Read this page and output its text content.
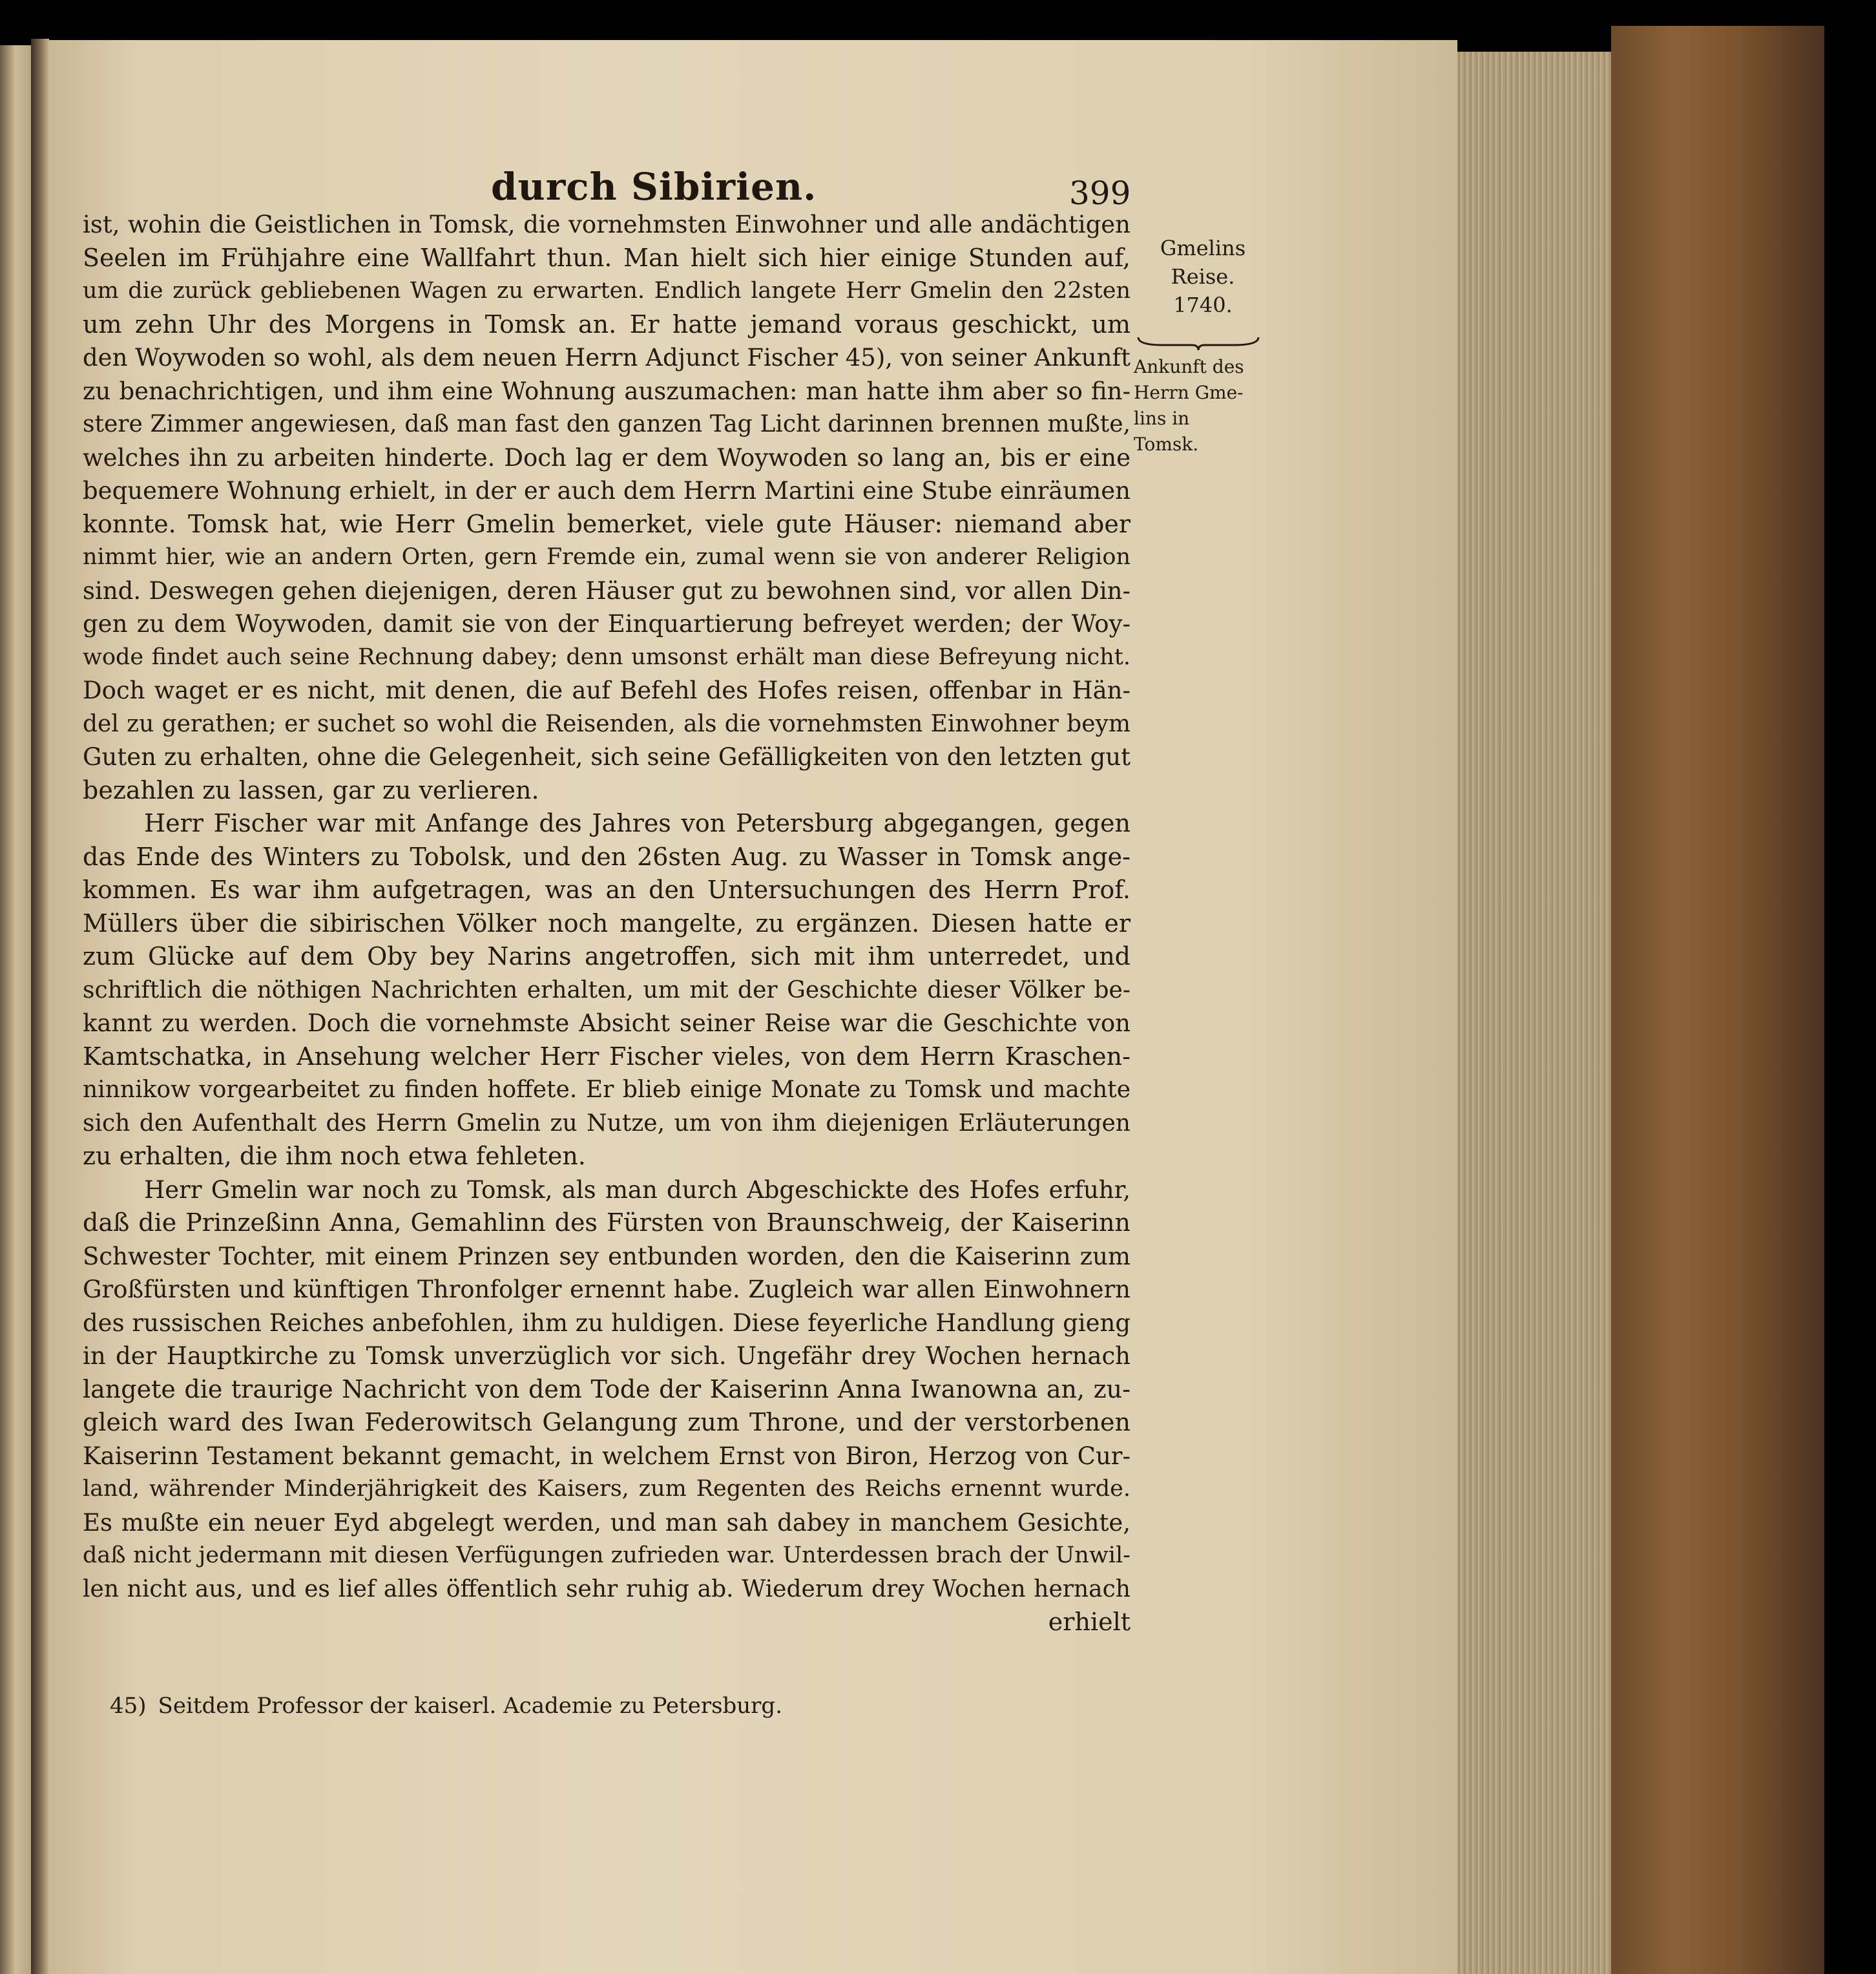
durch Sibirien.	399
Gmelins
Reise.
1740.
Ankunft des
Herrn Gme-
lins in
Tomsk.
ist, wohin die Geistlichen in Tomsk, die vornehmsten Einwohner und alle andächtigen
Seelen im Frühjahre eine Wallfahrt thun. Man hielt sich hier einige Stunden auf,
um die zurück gebliebenen Wagen zu erwarten. Endlich langete Herr Gmelin den 22sten
um zehn Uhr des Morgens in Tomsk an. Er hatte jemand voraus geschickt, um
den Woywoden so wohl, als dem neuen Herrn Adjunct Fischer 45), von seiner Ankunft
zu benachrichtigen, und ihm eine Wohnung auszumachen: man hatte ihm aber so fin-
stere Zimmer angewiesen, daß man fast den ganzen Tag Licht darinnen brennen mußte,
welches ihn zu arbeiten hinderte. Doch lag er dem Woywoden so lang an, bis er eine
bequemere Wohnung erhielt, in der er auch dem Herrn Martini eine Stube einräumen
konnte. Tomsk hat, wie Herr Gmelin bemerket, viele gute Häuser: niemand aber
nimmt hier, wie an andern Orten, gern Fremde ein, zumal wenn sie von anderer Religion
sind. Deswegen gehen diejenigen, deren Häuser gut zu bewohnen sind, vor allen Din-
gen zu dem Woywoden, damit sie von der Einquartierung befreyet werden; der Woy-
wode findet auch seine Rechnung dabey; denn umsonst erhält man diese Befreyung nicht.
Doch waget er es nicht, mit denen, die auf Befehl des Hofes reisen, offenbar in Hän-
del zu gerathen; er suchet so wohl die Reisenden, als die vornehmsten Einwohner beym
Guten zu erhalten, ohne die Gelegenheit, sich seine Gefälligkeiten von den letzten gut
bezahlen zu lassen, gar zu verlieren.
Herr Fischer war mit Anfange des Jahres von Petersburg abgegangen, gegen
das Ende des Winters zu Tobolsk, und den 26sten Aug. zu Wasser in Tomsk ange-
kommen. Es war ihm aufgetragen, was an den Untersuchungen des Herrn Prof.
Müllers über die sibirischen Völker noch mangelte, zu ergänzen. Diesen hatte er
zum Glücke auf dem Oby bey Narins angetroffen, sich mit ihm unterredet, und
schriftlich die nöthigen Nachrichten erhalten, um mit der Geschichte dieser Völker be-
kannt zu werden. Doch die vornehmste Absicht seiner Reise war die Geschichte von
Kamtschatka, in Ansehung welcher Herr Fischer vieles, von dem Herrn Kraschen-
ninnikow vorgearbeitet zu finden hoffete. Er blieb einige Monate zu Tomsk und machte
sich den Aufenthalt des Herrn Gmelin zu Nutze, um von ihm diejenigen Erläuterungen
zu erhalten, die ihm noch etwa fehleten.
Herr Gmelin war noch zu Tomsk, als man durch Abgeschickte des Hofes erfuhr,
daß die Prinzeßinn Anna, Gemahlinn des Fürsten von Braunschweig, der Kaiserinn
Schwester Tochter, mit einem Prinzen sey entbunden worden, den die Kaiserinn zum
Großfürsten und künftigen Thronfolger ernennt habe. Zugleich war allen Einwohnern
des russischen Reiches anbefohlen, ihm zu huldigen. Diese feyerliche Handlung gieng
in der Hauptkirche zu Tomsk unverzüglich vor sich. Ungefähr drey Wochen hernach
langete die traurige Nachricht von dem Tode der Kaiserinn Anna Iwanowna an, zu-
gleich ward des Iwan Federowitsch Gelangung zum Throne, und der verstorbenen
Kaiserinn Testament bekannt gemacht, in welchem Ernst von Biron, Herzog von Cur-
land, währender Minderjährigkeit des Kaisers, zum Regenten des Reichs ernennt wurde.
Es mußte ein neuer Eyd abgelegt werden, und man sah dabey in manchem Gesichte,
daß nicht jedermann mit diesen Verfügungen zufrieden war. Unterdessen brach der Unwil-
len nicht aus, und es lief alles öffentlich sehr ruhig ab. Wiederum drey Wochen hernach
erhielt
45) Seitdem Professor der kaiserl. Academie zu Petersburg.
